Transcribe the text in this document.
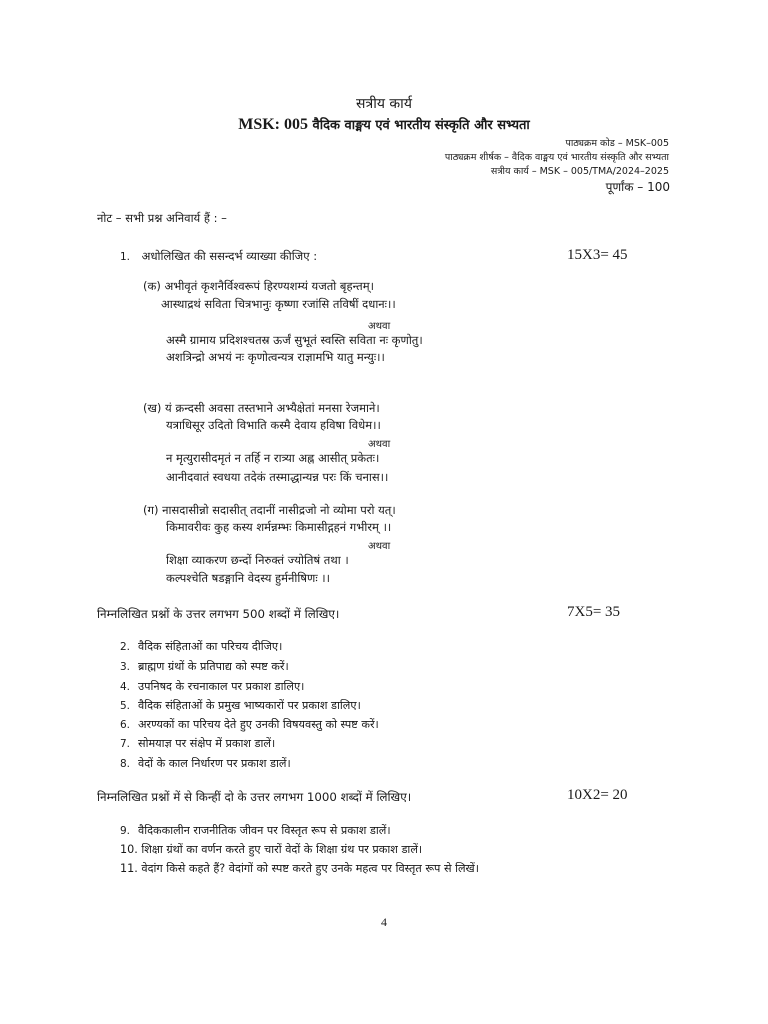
सत्रीय कार्य
MSK: 005 वैदिक वाङ्मय एवं भारतीय संस्कृति और सभ्यता
पाठ्यक्रम कोड – MSK–005
पाठ्यक्रम शीर्षक – वैदिक वाङ्मय एवं भारतीय संस्कृति और सभ्यता
सत्रीय कार्य – MSK – 005/TMA/2024–2025
पूर्णांक – 100
नोट – सभी प्रश्न अनिवार्य हैं : –
1. अधोलिखित की ससन्दर्भ व्याख्या कीजिए :	15X3= 45
(क) अभीवृतं कृशनैर्विश्वरूपं हिरण्यशम्यं यजतो बृहन्तम्।
आस्थाद्रथं सविता चित्रभानुः कृष्णा रजांसि तविषीं दधानः।।
अथवा
अस्मै ग्रामाय प्रदिशश्चतस्र ऊर्जं सुभूतं स्वस्ति सविता नः कृणोतु।
अशत्रिन्द्रो अभयं नः कृणोत्वन्यत्र राज्ञामभि यातु मन्युः।।
(ख) यं क्रन्दसी अवसा तस्तभाने अभ्यैक्षेतां मनसा रेजमाने।
यत्राधिसूर उदितो विभाति कस्मै देवाय हविषा विधेम।।
अथवा
न मृत्युरासीदमृतं न तर्हि न रात्र्या अह्न आसीत् प्रकेतः।
आनीदवातं स्वधया तदेकं तस्माद्धान्यन्न परः किं चनास।।
(ग) नासदासीन्नो सदासीत् तदानीं नासीद्रजो नो व्योमा परो यत्।
किमावरीवः कुह कस्य शर्मन्नम्भः किमासीद्गहनं गभीरम् ।।
अथवा
शिक्षा व्याकरण छन्दों निरुक्तं ज्योतिषं तथा ।
कल्पश्चेति षडङ्गानि वेदस्य हुर्मनीषिणः ।।
निम्नलिखित प्रश्नों के उत्तर लगभग 500 शब्दों में लिखिए।	7X5= 35
2. वैदिक संहिताओं का परिचय दीजिए।
3. ब्राह्मण ग्रंथों के प्रतिपाद्य को स्पष्ट करें।
4. उपनिषद के रचनाकाल पर प्रकाश डालिए।
5. वैदिक संहिताओं के प्रमुख भाष्यकारों पर प्रकाश डालिए।
6. अरण्यकों का परिचय देते हुए उनकी विषयवस्तु को स्पष्ट करें।
7. सोमयाज्ञ पर संक्षेप में प्रकाश डालें।
8. वेदों के काल निर्धारण पर प्रकाश डालें।
निम्नलिखित प्रश्नों में से किन्हीं दो के उत्तर लगभग 1000 शब्दों में लिखिए।	10X2= 20
9. वैदिककालीन राजनीतिक जीवन पर विस्तृत रूप से प्रकाश डालें।
10. शिक्षा ग्रंथों का वर्णन करते हुए चारों वेदों के शिक्षा ग्रंथ पर प्रकाश डालें।
11. वेदांग किसे कहते हैं? वेदांगों को स्पष्ट करते हुए उनके महत्व पर विस्तृत रूप से लिखें।
4
